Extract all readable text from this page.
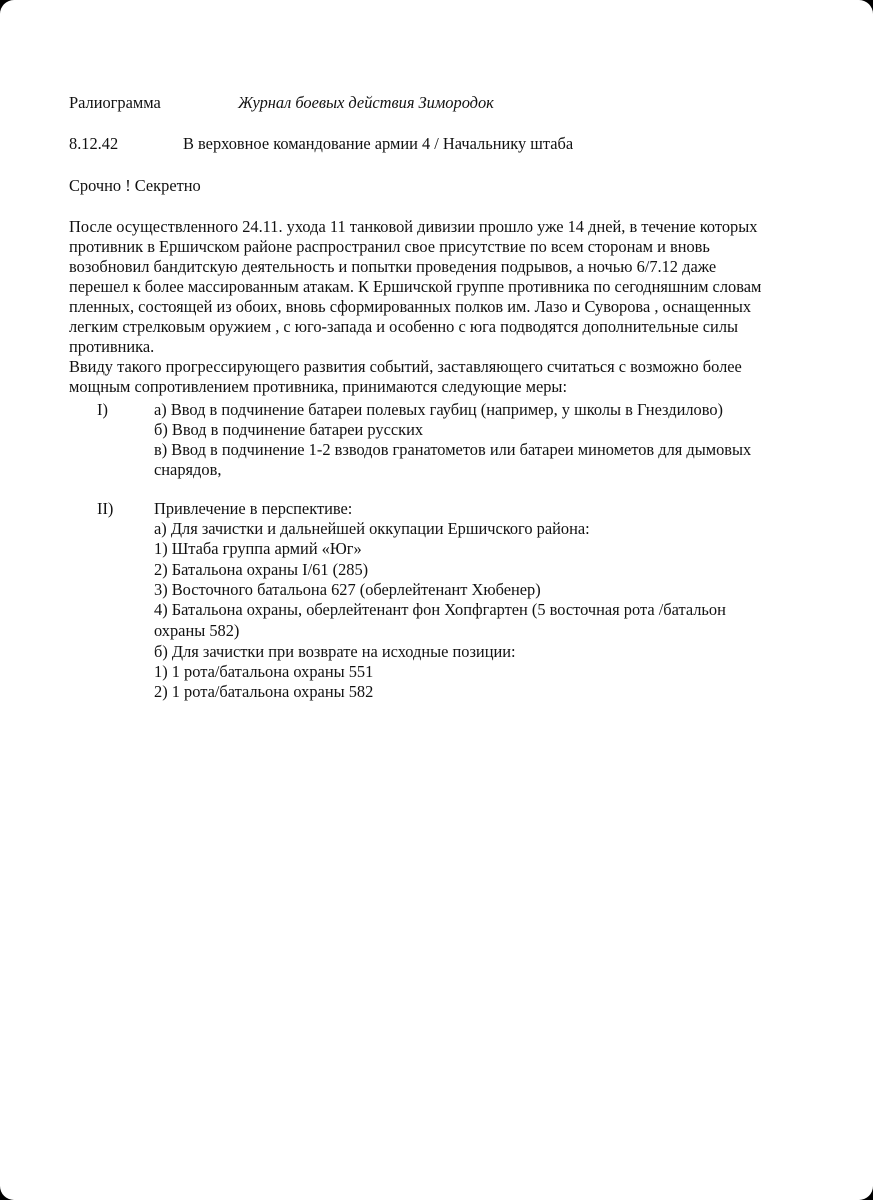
Ралиограмма	Журнал боевых действия Зимородок
8.12.42	В верховное командование армии 4 / Начальнику штаба
Срочно ! Секретно
После осуществленного 24.11. ухода 11 танковой дивизии прошло уже 14 дней, в течение которых
противник в Ершичском районе распространил свое присутствие по всем сторонам и вновь
возобновил бандитскую деятельность и попытки проведения подрывов, а ночью 6/7.12 даже
перешел к более массированным атакам. К Ершичской группе противника по сегодняшним словам
пленных, состоящей из обоих, вновь сформированных полков им. Лазо и Суворова , оснащенных
легким стрелковым оружием , с юго-запада и особенно с юга подводятся дополнительные силы
противника.
Ввиду такого прогрессирующего развития событий, заставляющего считаться с возможно более
мощным сопротивлением противника, принимаются следующие меры:
I)	а) Ввод в подчинение батареи полевых гаубиц (например, у школы в Гнездилово)
б) Ввод в подчинение батареи русских
в) Ввод в подчинение 1-2 взводов гранатометов или батареи минометов для дымовых
снарядов,
II) Привлечение в перспективе:
а) Для зачистки и дальнейшей оккупации Ершичского района:
1) Штаба группа армий «Юг»
2) Батальона охраны I/61 (285)
3) Восточного батальона 627 (оберлейтенант Хюбенер)
4) Батальона охраны, оберлейтенант фон Хопфгартен (5 восточная рота /батальон
охраны 582)
б) Для зачистки при возврате на исходные позиции:
1) 1 рота/батальона охраны 551
2) 1 рота/батальона охраны 582
